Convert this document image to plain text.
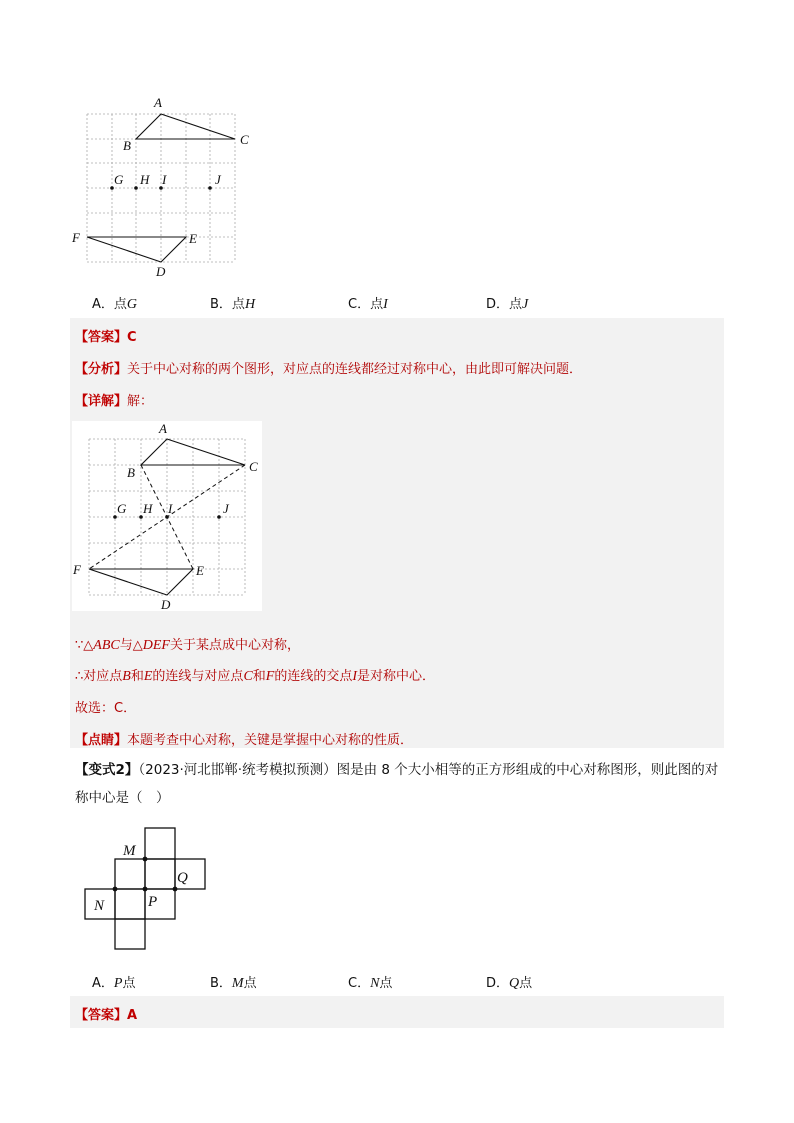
A
B	C
G H I	J
F	E
D
A．点G	B．点H	C．点I	D．点J
【答案】C
【分析】关于中心对称的两个图形，对应点的连线都经过对称中心，由此即可解决问题．
【详解】解：
A
B	C
G H I	J
F	E
D
∵△ABC与△DEF关于某点成中心对称，
∴对应点B和E的连线与对应点C和F的连线的交点I是对称中心．
故选：C．
【点睛】本题考查中心对称，关键是掌握中心对称的性质．
【变式2】（2023·河北邯郸·统考模拟预测）图是由 8 个大小相等的正方形组成的中心对称图形，则此图的对
称中心是（　）
M
Q
N	P
A．P点	B．M点	C．N点	D．Q点
【答案】A
